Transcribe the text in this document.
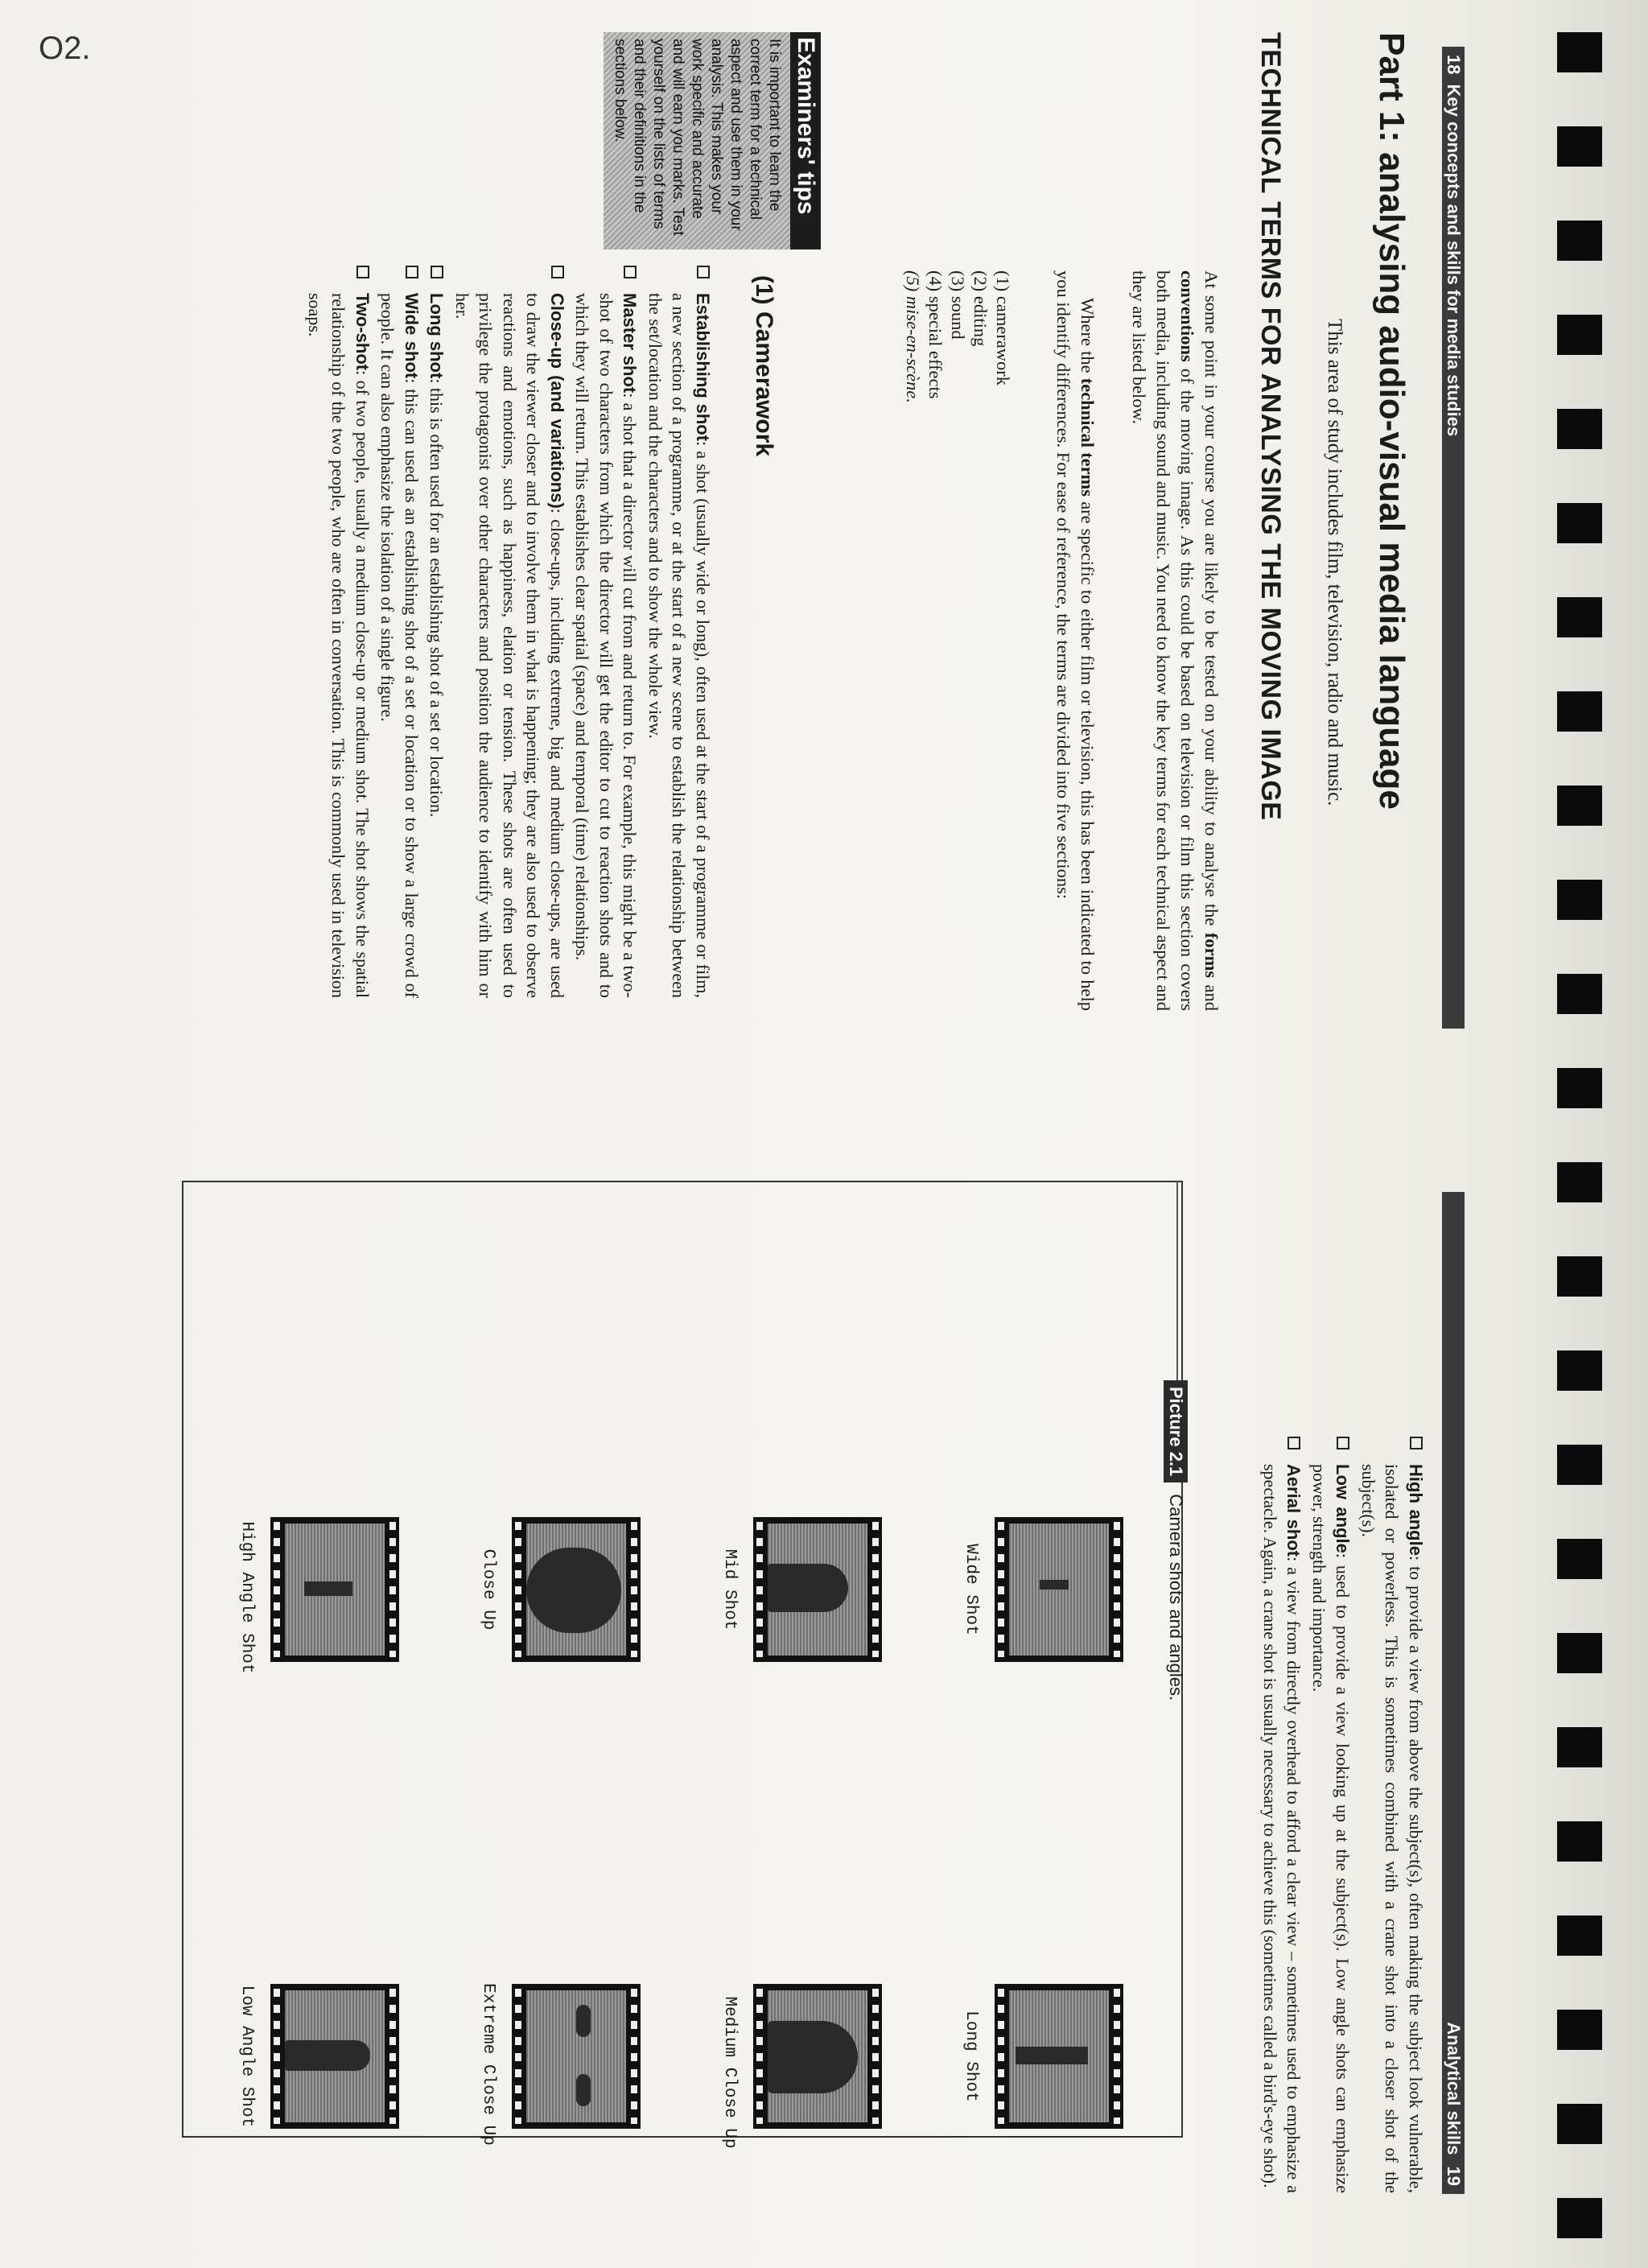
O2.	18
Key concepts and skills for media studies
Part 1: analysing audio-visual media language

This area of study includes film, television, radio and music.

TECHNICAL TERMS FOR ANALYSING THE MOVING IMAGE
Examiners' tips
It is important to learn the correct term for a technical aspect and use them in your analysis. This makes your work specific and accurate and will earn you marks. Test yourself on the lists of terms and their definitions in the sections below.

At some point in your course you are likely to be tested on your ability to analyse the forms and conventions of the moving image. As this could be based on television or film this section covers both media, including sound and music. You need to know the key terms for each technical aspect and they are listed below.

Where the technical terms are specific to either film or television, this has been indicated to help you identify differences. For ease of reference, the terms are divided into five sections:

(1) camerawork
(2) editing
(3) sound
(4) special effects
(5) mise-en-scène.
(1) Camerawork
Establishing shot: a shot (usually wide or long), often used at the start of a programme or film, a new section of a programme, or at the start of a new scene to establish the relationship between the set/location and the characters and to show the whole view.
Master shot: a shot that a director will cut from and return to. For example, this might be a two-shot of two characters from which the director will get the editor to cut to reaction shots and to which they will return. This establishes clear spatial (space) and temporal (time) relationships.
Close-up (and variations): close-ups, including extreme, big and medium close-ups, are used to draw the viewer closer and to involve them in what is happening; they are also used to observe reactions and emotions, such as happiness, elation or tension. These shots are often used to privilege the protagonist over other characters and position the audience to identify with him or her.
Long shot: this is often used for an establishing shot of a set or location.
Wide shot: this can used as an establishing shot of a set or location or to show a large crowd of people. It can also emphasize the isolation of a single figure.
Two-shot: of two people, usually a medium close-up or medium shot. The shot shows the spatial relationship of the two people, who are often in conversation. This is commonly used in television soaps.
Analytical skills
19
High angle: to provide a view from above the subject(s), often making the subject look vulnerable, isolated or powerless. This is sometimes combined with a crane shot into a closer shot of the subject(s).
Low angle: used to provide a view looking up at the subject(s). Low angle shots can emphasize power, strength and importance.
Aerial shot: a view from directly overhead to afford a clear view – sometimes used to emphasize a spectacle. Again, a crane shot is usually necessary to achieve this (sometimes called a bird's-eye shot).
Picture 2.1
Camera shots and angles.
Wide Shot
Long Shot
Mid Shot
Medium Close Up
Close Up
Extreme Close Up
High Angle Shot
Low Angle Shot
